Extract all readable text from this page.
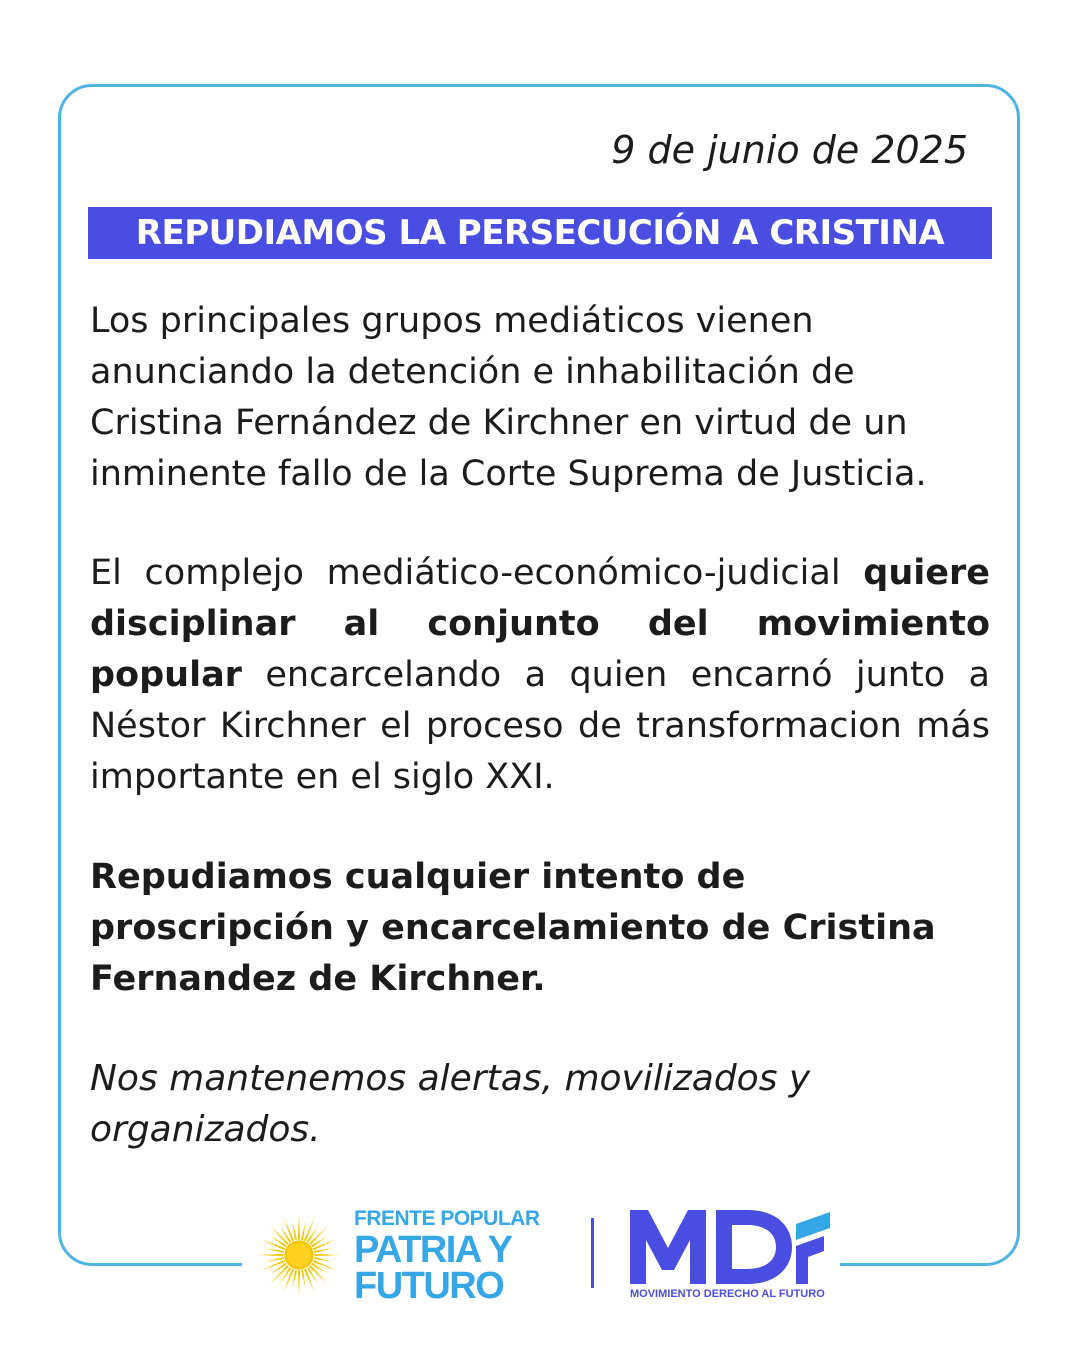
9 de junio de 2025
REPUDIAMOS LA PERSECUCIÓN A CRISTINA

Los principales grupos mediáticos vienen anunciando la detención e inhabilitación de Cristina Fernández de Kirchner en virtud de un inminente fallo de la Corte Suprema de Justicia.

El complejo mediático-económico-judicial quiere disciplinar al conjunto del movimiento popular encarcelando a quien encarnó junto a Néstor Kirchner el proceso de transformacion más importante en el siglo XXI.

Repudiamos cualquier intento de proscripción y encarcelamiento de Cristina Fernandez de Kirchner.

Nos mantenemos alertas, movilizados y organizados.

FRENTE POPULAR
PATRIA Y
FUTURO	MOVIMIENTO DERECHO AL FUTURO
